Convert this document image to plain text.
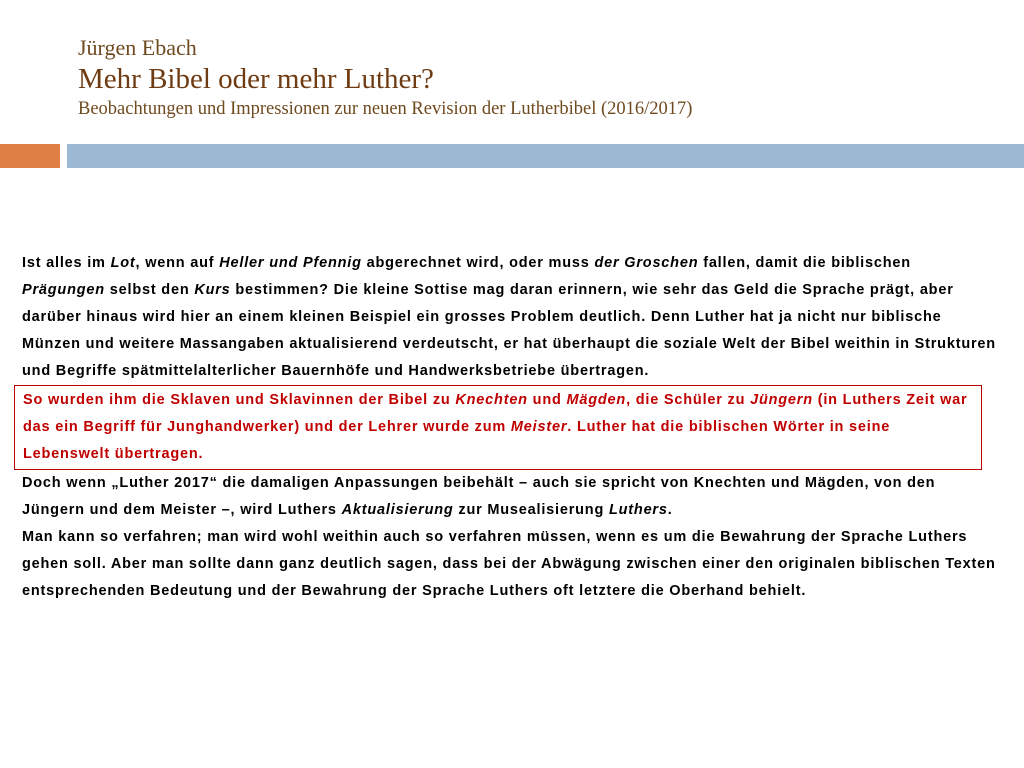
Jürgen Ebach
Mehr Bibel oder mehr Luther?
Beobachtungen und Impressionen zur neuen Revision der Lutherbibel (2016/2017)

Ist alles im Lot, wenn auf Heller und Pfennig abgerechnet wird, oder muss der Groschen fallen, damit die biblischen Prägungen selbst den Kurs bestimmen? Die kleine Sottise mag daran erinnern, wie sehr das Geld die Sprache prägt, aber darüber hinaus wird hier an einem kleinen Beispiel ein grosses Problem deutlich. Denn Luther hat ja nicht nur biblische Münzen und weitere Massangaben aktualisierend verdeutscht, er hat überhaupt die soziale Welt der Bibel weithin in Strukturen und Begriffe spätmittelalterlicher Bauernhöfe und Handwerksbetriebe übertragen.

So wurden ihm die Sklaven und Sklavinnen der Bibel zu Knechten und Mägden, die Schüler zu Jüngern (in Luthers Zeit war das ein Begriff für Junghandwerker) und der Lehrer wurde zum Meister. Luther hat die biblischen Wörter in seine Lebenswelt übertragen.

Doch wenn „Luther 2017“ die damaligen Anpassungen beibehält – auch sie spricht von Knechten und Mägden, von den Jüngern und dem Meister –, wird Luthers Aktualisierung zur Musealisierung Luthers.

Man kann so verfahren; man wird wohl weithin auch so verfahren müssen, wenn es um die Bewahrung der Sprache Luthers gehen soll. Aber man sollte dann ganz deutlich sagen, dass bei der Abwägung zwischen einer den originalen biblischen Texten entsprechenden Bedeutung und der Bewahrung der Sprache Luthers oft letztere die Oberhand behielt.
